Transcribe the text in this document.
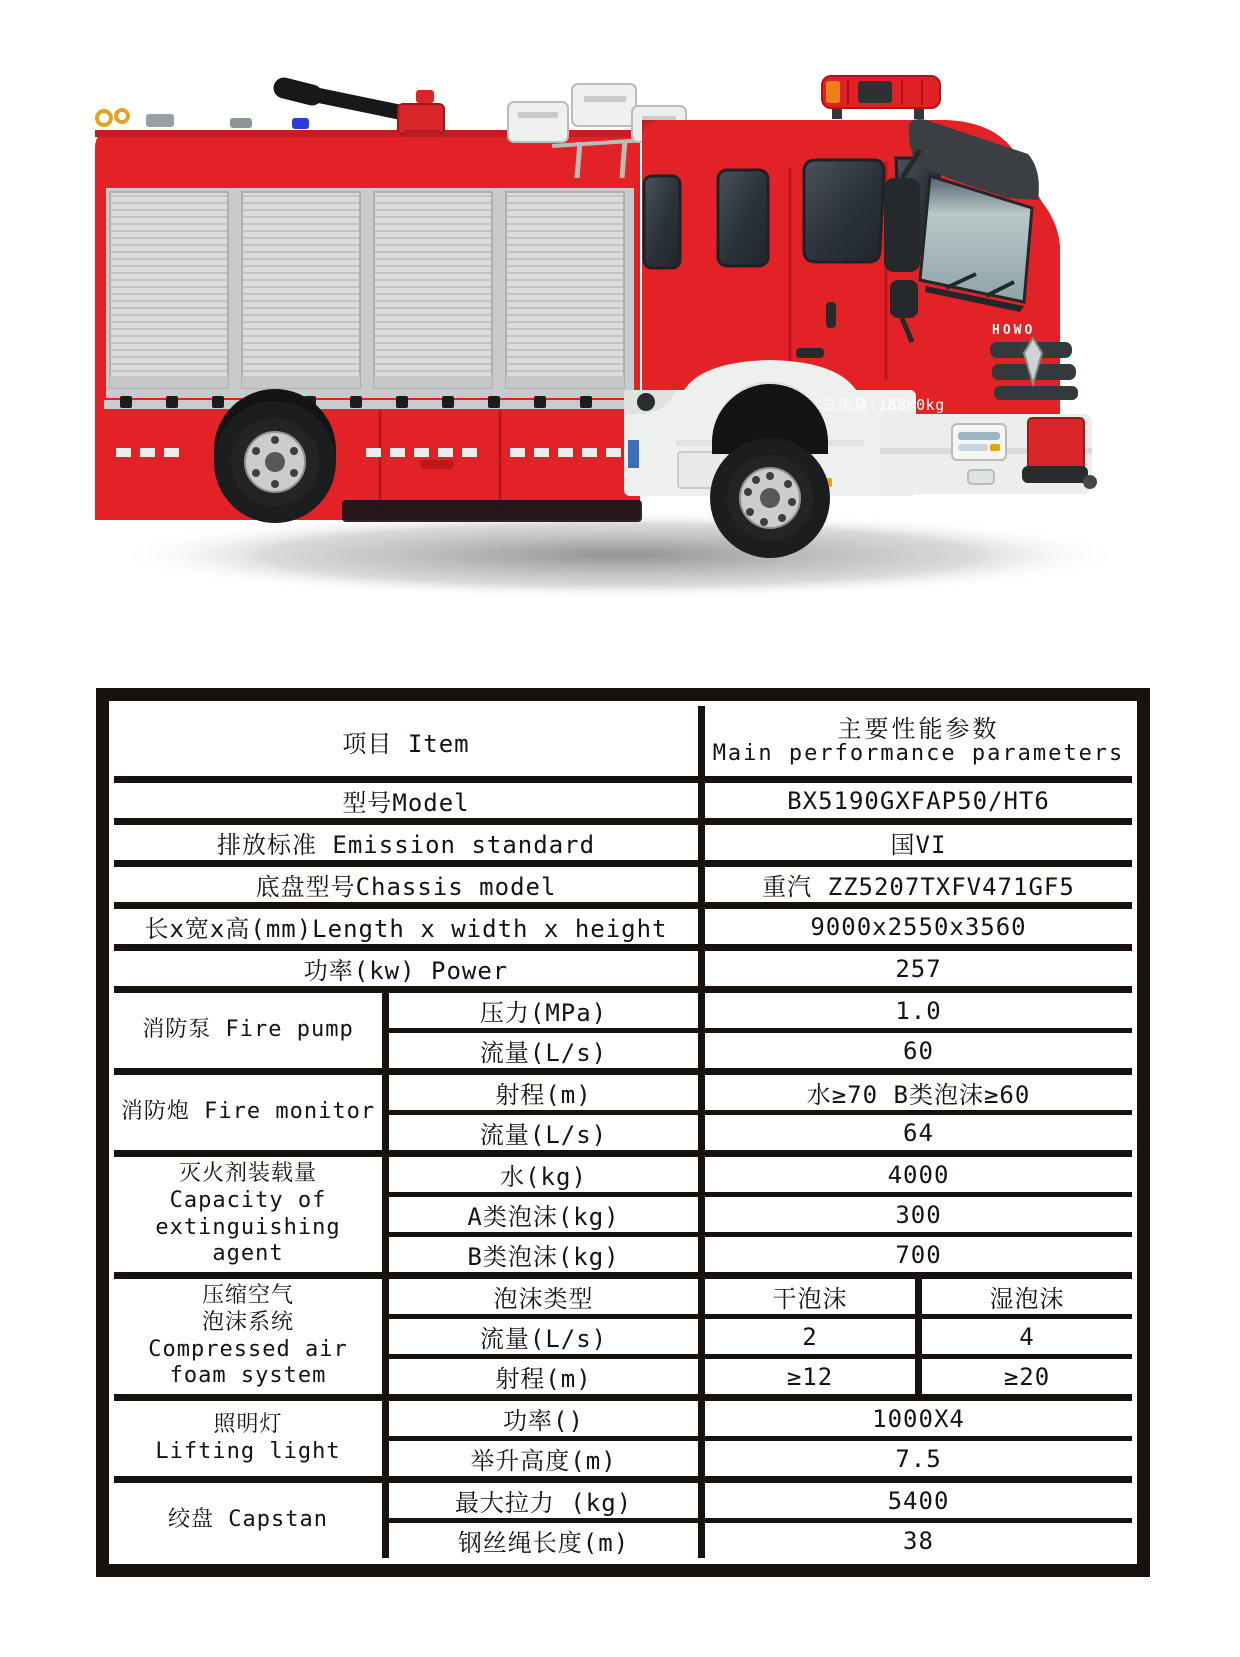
HOWO
总质量:18800kg
项目 Item
主要性能参数
Main performance parameters
型号Model	BX5190GXFAP50/HT6
排放标准 Emission standard	国VI
底盘型号Chassis model	重汽 ZZ5207TXFV471GF5
长x宽x高(mm)Length x width x height	9000x2550x3560
功率(kw) Power	257
消防泵 Fire pump
压力(MPa)	1.0
流量(L/s)	60
消防炮 Fire monitor
射程(m)	水≥70 B类泡沫≥60
流量(L/s)	64
灭火剂装载量
Capacity of
extinguishing agent
水(kg)	4000
A类泡沫(kg)	300
B类泡沫(kg)	700
压缩空气
泡沫系统
Compressed air
foam system
泡沫类型	干泡沫	湿泡沫
流量(L/s)	2	4
射程(m)	≥12	≥20
照明灯
Lifting light
功率()	1000X4
举升高度(m)	7.5
绞盘 Capstan
最大拉力 (kg)	5400
钢丝绳长度(m)	38
